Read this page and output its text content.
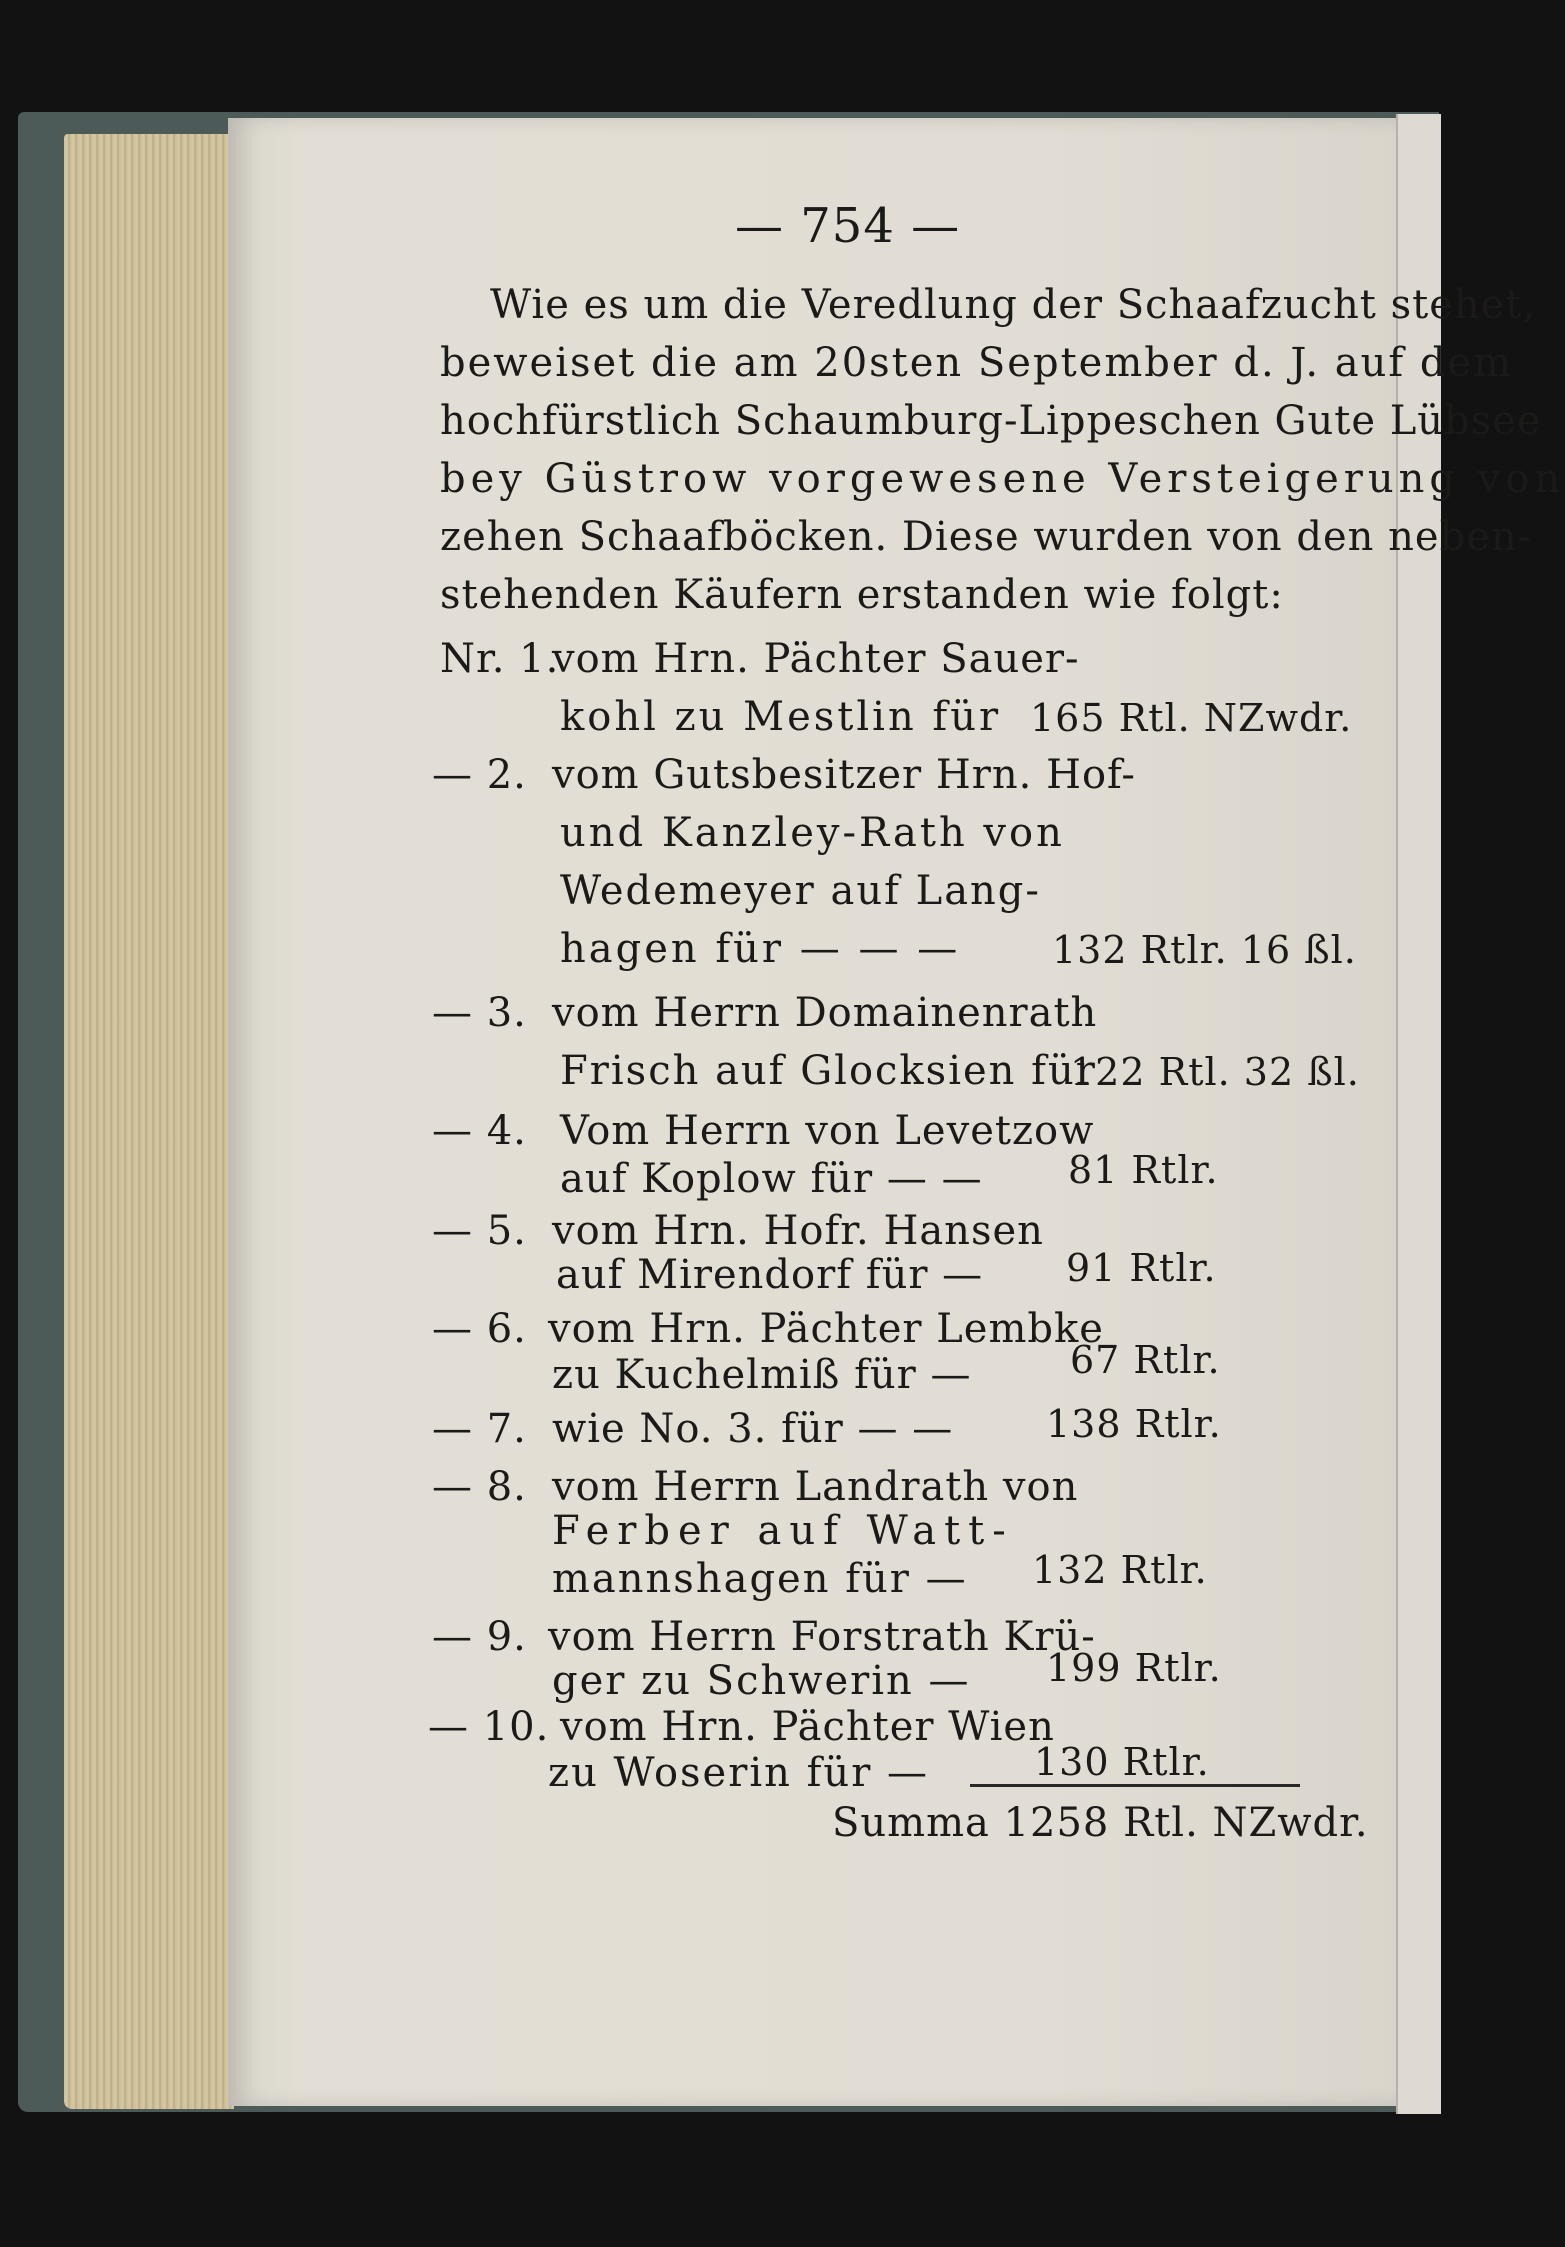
— 754 —
Wie es um die Veredlung der Schaafzucht stehet,
beweiset die am 20sten September d. J. auf dem
hochfürstlich Schaumburg-Lippeschen Gute Lübsee
bey Güstrow vorgewesene Versteigerung von
zehen Schaafböcken. Diese wurden von den neben-
stehenden Käufern erstanden wie folgt:
Nr. 1.
vom Hrn. Pächter Sauer-
kohl zu Mestlin für 165 Rtl. NZwdr.
— 2. vom Gutsbesitzer Hrn. Hof-
und Kanzley-Rath von
Wedemeyer auf Lang-
hagen für — — — 132 Rtlr. 16 ßl.
— 3. vom Herrn Domainenrath
Frisch auf Glocksien für
122 Rtl. 32 ßl.
— 4. Vom Herrn von Levetzow
auf Koplow für — — 81 Rtlr.
— 5. vom Hrn. Hofr. Hansen
auf Mirendorf für — 91 Rtlr.
— 6. vom Hrn. Pächter Lembke
zu Kuchelmiß für —	67 Rtlr.
— 7. wie No. 3. für — — 138 Rtlr.
— 8. vom Herrn Landrath von
Ferber auf Watt-
mannshagen für — 132 Rtlr.
— 9. vom Herrn Forstrath Krü-
ger zu Schwerin — 199 Rtlr.
— 10. vom Hrn. Pächter Wien
zu Woserin für —	130 Rtlr.
Summa 1258 Rtl. NZwdr.
